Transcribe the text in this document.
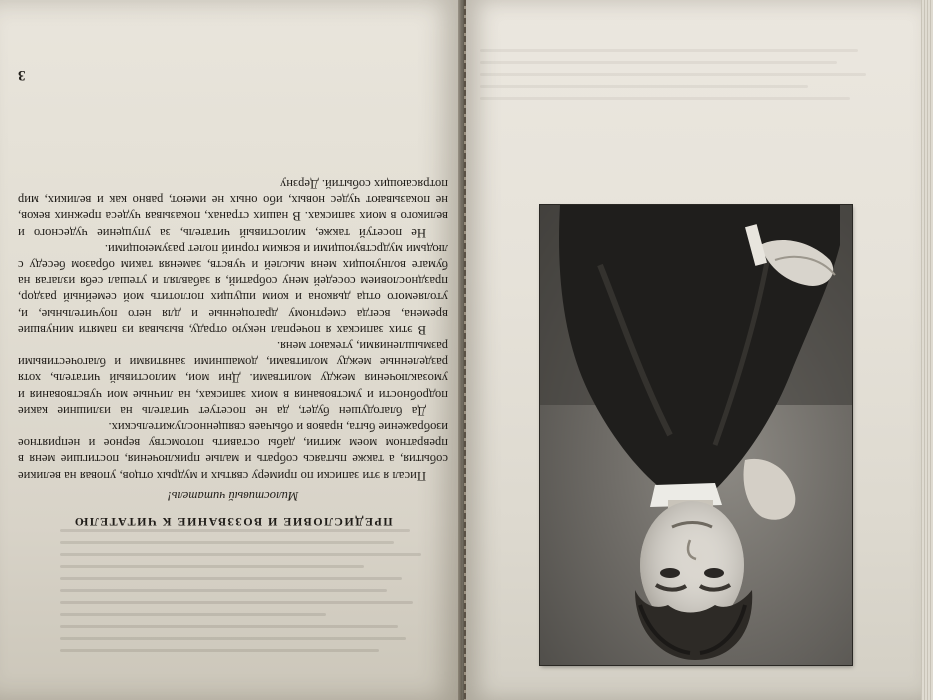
3
ПРЕДИСЛОВИЕ И ВОЗЗВАНИЕ К ЧИТАТЕЛЮ
Милостивый читатель!

Писал я эти записки по примеру святых и мудрых отцов, уповая на великие события, а также пытаясь собрать и малые приключения, постигшие меня в превратном моем житии, дабы оставить потомству верное и неприятное изображение быта, нравов и обычаев священнослужительских.

Да благодушен будет, да не посетует читатель на излишние какие подробности и умствования в моих записках, на личные мои чувствования и умозаключения между молитвами. Дни мои, милостивый читатель, хотя разделенные между молитвами, домашними занятиями и благочестивыми размышлениями, утекают меня.

В этих записках я почерпал некую отраду, вызывая из памяти минувшие времена, всегда смертному драгоценные и для него поучительные, и, утоляемого отца дьякона и коим ищущих поглотить мой семейный раздор, празднословием соседей мену собратий, я забавлял и утешал себя излагая на бумаге волнующих меня мыслей и чувств, заменяя таким образом беседу с людьми мудрствующими и всяким горний полет разумеющими.

Не посетуй также, милостивый читатель, за упущение чудесного и великого в моих записках. В наших странах, показывая чудеса прежних веков, не показывают чудес новых, ибо оных не имеют, равно как и великих, мир потрясающих событий. Дерзну
